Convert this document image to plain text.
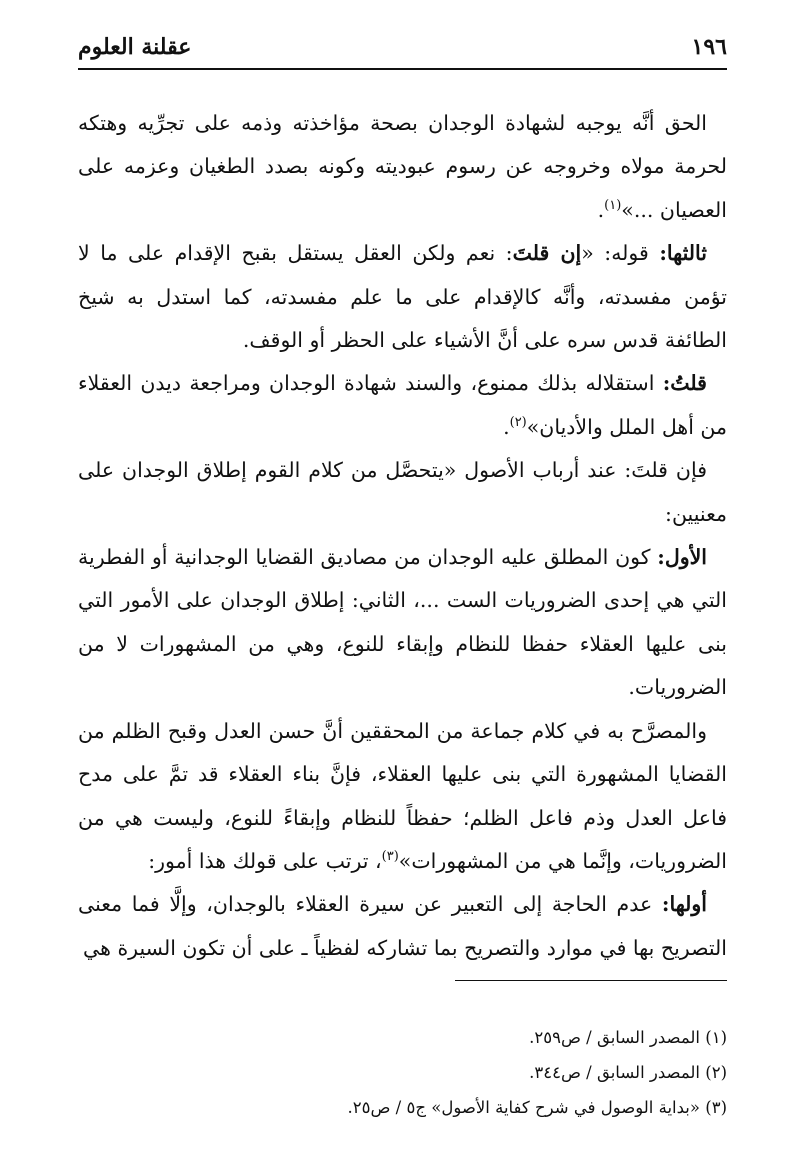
١٩٦
عقلنة العلوم

الحق أنَّه يوجبه لشهادة الوجدان بصحة مؤاخذته وذمه على تجرِّيه وهتكه لحرمة مولاه وخروجه عن رسوم عبوديته وكونه بصدد الطغيان وعزمه على العصيان ...»$^{(١)}$.

ثالثها: قوله: «إن قلتَ: نعم ولكن العقل يستقل بقبح الإقدام على ما لا تؤمن مفسدته، وأنَّه كالإقدام على ما علم مفسدته، كما استدل به شيخ الطائفة قدس سره على أنَّ الأشياء على الحظر أو الوقف.

قلتُ: استقلاله بذلك ممنوع، والسند شهادة الوجدان ومراجعة ديدن العقلاء من أهل الملل والأديان»$^{(٢)}$.

فإن قلتَ: عند أرباب الأصول «يتحصَّل من كلام القوم إطلاق الوجدان على معنيين:

الأول: كون المطلق عليه الوجدان من مصاديق القضايا الوجدانية أو الفطرية التي هي إحدى الضروريات الست ...، الثاني: إطلاق الوجدان على الأمور التي بنى عليها العقلاء حفظا للنظام وإبقاء للنوع، وهي من المشهورات لا من الضروريات.

والمصرَّح به في كلام جماعة من المحققين أنَّ حسن العدل وقبح الظلم من القضايا المشهورة التي بنى عليها العقلاء، فإنَّ بناء العقلاء قد تمَّ على مدح فاعل العدل وذم فاعل الظلم؛ حفظاً للنظام وإبقاءً للنوع، وليست هي من الضروريات، وإنَّما هي من المشهورات»$^{(٣)}$، ترتب على قولك هذا أمور:

أولها: عدم الحاجة إلى التعبير عن سيرة العقلاء بالوجدان، وإلَّا فما معنى التصريح بها في موارد والتصريح بما تشاركه لفظياً ـ على أن تكون السيرة هي

(١) المصدر السابق / ص٢٥٩.

(٢) المصدر السابق / ص٣٤٤.

(٣) «بداية الوصول في شرح كفاية الأصول» ج٥ / ص٢٥.
